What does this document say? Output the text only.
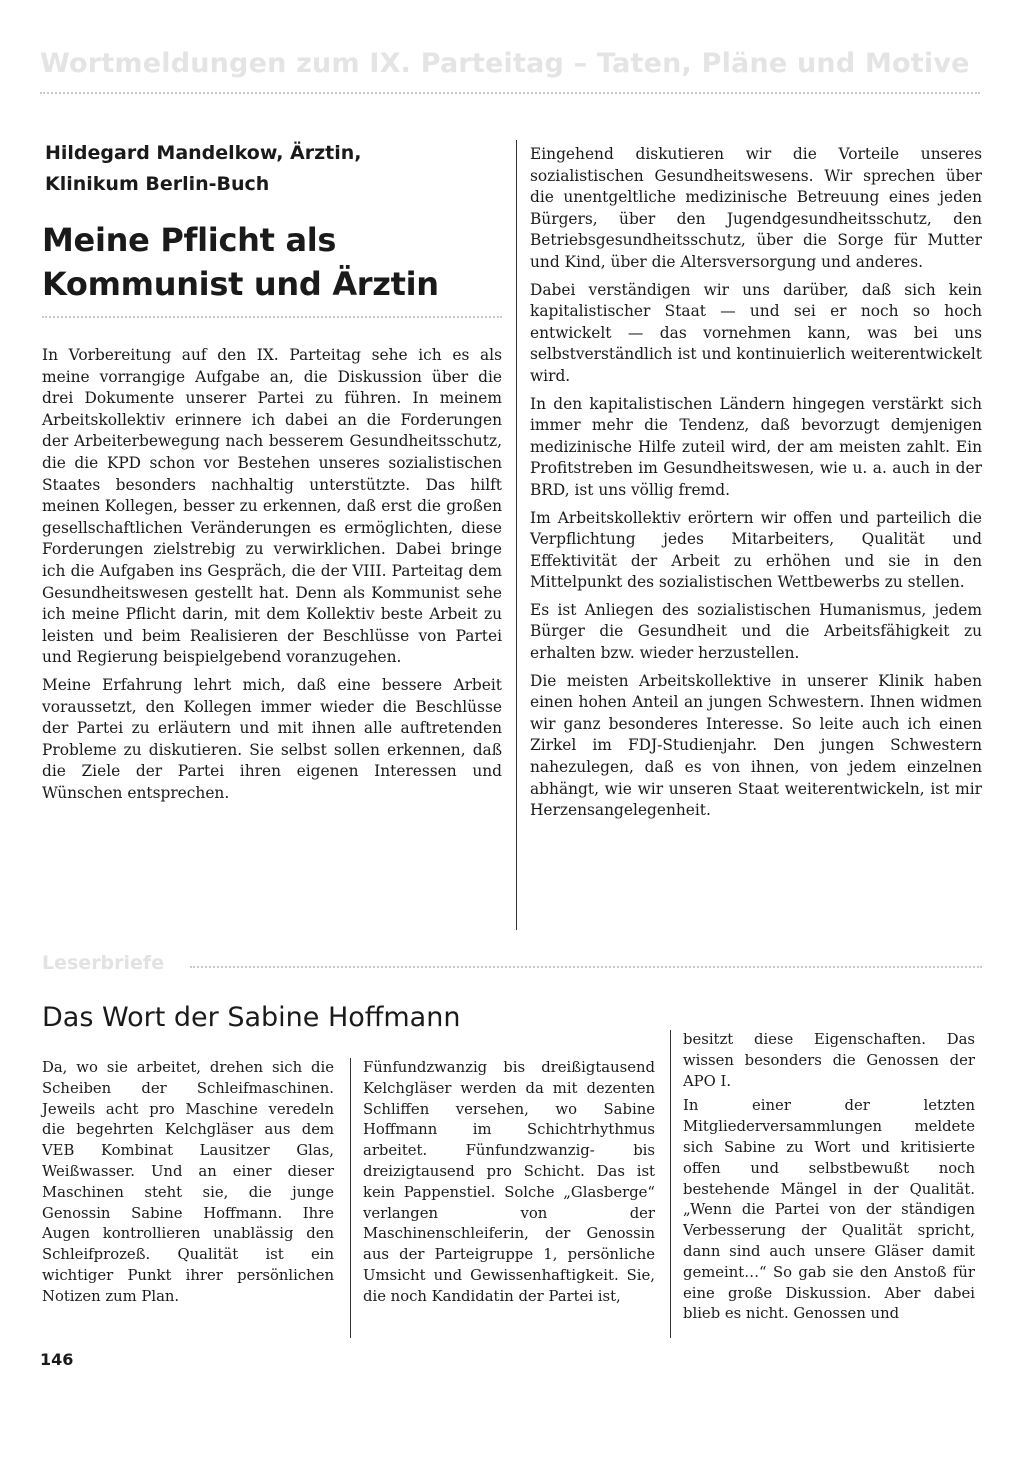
Wortmeldungen zum IX. Parteitag – Taten, Pläne und Motive
Hildegard Mandelkow, Ärztin,
Klinikum Berlin-Buch
Meine Pflicht als
Kommunist und Ärztin

In Vorbereitung auf den IX. Parteitag sehe ich es als meine vorrangige Aufgabe an, die Diskussion über die drei Dokumente unserer Partei zu führen. In meinem Arbeitskollektiv erinnere ich dabei an die Forderungen der Arbeiterbewegung nach besserem Gesundheitsschutz, die die KPD schon vor Bestehen unseres sozialistischen Staates besonders nachhaltig unterstützte. Das hilft meinen Kollegen, besser zu erkennen, daß erst die großen gesellschaftlichen Veränderungen es ermöglichten, diese Forderungen zielstrebig zu verwirklichen. Dabei bringe ich die Aufgaben ins Gespräch, die der VIII. Parteitag dem Gesundheitswesen gestellt hat. Denn als Kommunist sehe ich meine Pflicht darin, mit dem Kollektiv beste Arbeit zu leisten und beim Realisieren der Beschlüsse von Partei und Regierung beispielgebend voranzugehen.

Meine Erfahrung lehrt mich, daß eine bessere Arbeit voraussetzt, den Kollegen immer wieder die Beschlüsse der Partei zu erläutern und mit ihnen alle auftretenden Probleme zu diskutieren. Sie selbst sollen erkennen, daß die Ziele der Partei ihren eigenen Interessen und Wünschen entsprechen.

Eingehend diskutieren wir die Vorteile unseres sozialistischen Gesundheitswesens. Wir sprechen über die unentgeltliche medizinische Betreuung eines jeden Bürgers, über den Jugendgesundheitsschutz, den Betriebsgesundheitsschutz, über die Sorge für Mutter und Kind, über die Altersversorgung und anderes.

Dabei verständigen wir uns darüber, daß sich kein kapitalistischer Staat — und sei er noch so hoch entwickelt — das vornehmen kann, was bei uns selbstverständlich ist und kontinuierlich weiterentwickelt wird.

In den kapitalistischen Ländern hingegen verstärkt sich immer mehr die Tendenz, daß bevorzugt demjenigen medizinische Hilfe zuteil wird, der am meisten zahlt. Ein Profitstreben im Gesundheitswesen, wie u. a. auch in der BRD, ist uns völlig fremd.

Im Arbeitskollektiv erörtern wir offen und parteilich die Verpflichtung jedes Mitarbeiters, Qualität und Effektivität der Arbeit zu erhöhen und sie in den Mittelpunkt des sozialistischen Wettbewerbs zu stellen.

Es ist Anliegen des sozialistischen Humanismus, jedem Bürger die Gesundheit und die Arbeitsfähigkeit zu erhalten bzw. wieder herzustellen.

Die meisten Arbeitskollektive in unserer Klinik haben einen hohen Anteil an jungen Schwestern. Ihnen widmen wir ganz besonderes Interesse. So leite auch ich einen Zirkel im FDJ-Studienjahr. Den jungen Schwestern nahezulegen, daß es von ihnen, von jedem einzelnen abhängt, wie wir unseren Staat weiterentwickeln, ist mir Herzensangelegenheit.

Leserbriefe
Das Wort der Sabine Hoffmann

Da, wo sie arbeitet, drehen sich die Scheiben der Schleifmaschinen. Jeweils acht pro Maschine veredeln die begehrten Kelchgläser aus dem VEB Kombinat Lausitzer Glas, Weißwasser. Und an einer dieser Maschinen steht sie, die junge Genossin Sabine Hoffmann. Ihre Augen kontrollieren unablässig den Schleifprozeß. Qualität ist ein wichtiger Punkt ihrer persönlichen Notizen zum Plan.

Fünfundzwanzig bis dreißigtausend Kelchgläser werden da mit dezenten Schliffen versehen, wo Sabine Hoffmann im Schichtrhythmus arbeitet. Fünfundzwanzig- bis dreizigtausend pro Schicht. Das ist kein Pappenstiel. Solche „Glasberge“ verlangen von der Maschinenschleiferin, der Genossin aus der Parteigruppe 1, persönliche Umsicht und Gewissenhaftigkeit. Sie, die noch Kandidatin der Partei ist,

besitzt diese Eigenschaften. Das wissen besonders die Genossen der APO I.

In einer der letzten Mitgliederversammlungen meldete sich Sabine zu Wort und kritisierte offen und selbstbewußt noch bestehende Mängel in der Qualität. „Wenn die Partei von der ständigen Verbesserung der Qualität spricht, dann sind auch unsere Gläser damit gemeint…“ So gab sie den Anstoß für eine große Diskussion. Aber dabei blieb es nicht. Genossen und

146
